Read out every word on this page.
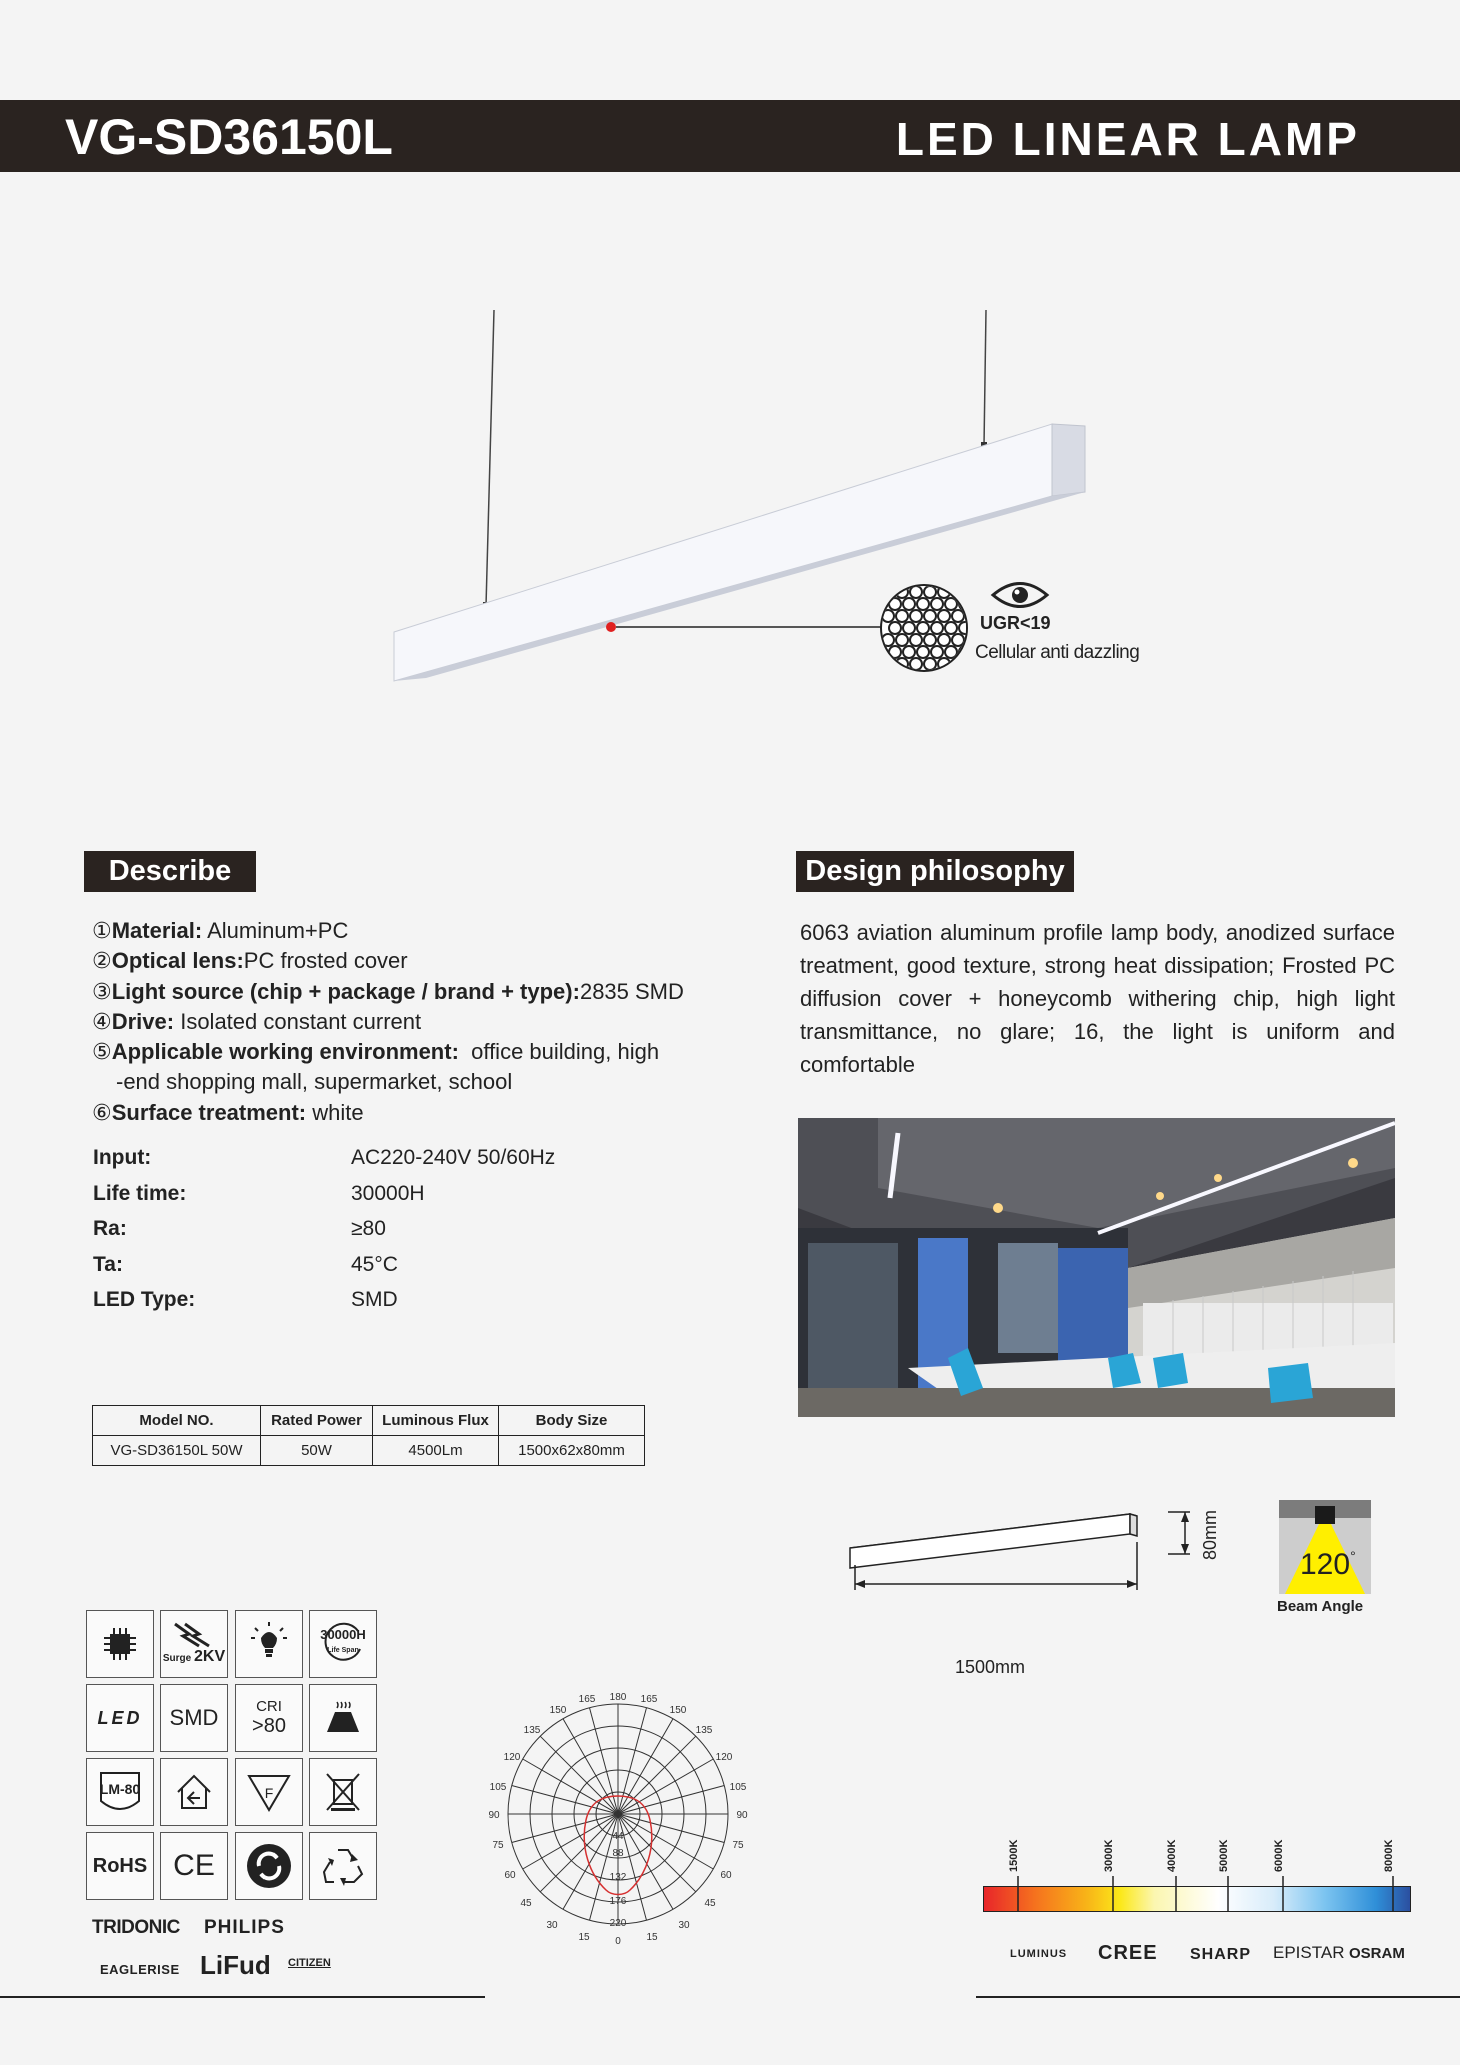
VG-SD36150L	LED LINEAR LAMP
UGR<19
Cellular anti dazzling
Describe
①Material: Aluminum+PC
②Optical lens:PC frosted cover
③Light source (chip + package / brand + type):2835 SMD
④Drive: Isolated constant current
⑤Applicable working environment:  office building, high
-end shopping mall, supermarket, school
⑥Surface treatment: white
Input:	AC220-240V 50/60Hz
Life time:	30000H
Ra:	≥80
Ta:	45°C
LED Type:	SMD
Design philosophy
6063 aviation aluminum profile lamp body, anodized surface treatment, good texture, strong heat dissipation; Frosted PC diffusion cover + honeycomb withering chip, high light transmittance, no glare; 16, the light is uniform and comfortable
Model NO.	Rated Power	Luminous Flux	Body Size
VG-SD36150L 50W	50W	4500Lm	1500x62x80mm
80mm
1500mm
120°
Beam Angle
Surge 2KV
30000H
Life Span
LED SMD	CRI
>80
LM-80	F
RoHS CE
TRIDONIC PHILIPS
EAGLERISE LiFud CITIZEN
180
165	165
150	150
135	135
120	120
105	105
90	90
75	75
60	60
45	45
30	30
15	15
0
44
88
132
176
220
1500K	3000K	4000K	5000K	6000K	8000K
LUMINUS CREE SHARP EPISTAR OSRAM
